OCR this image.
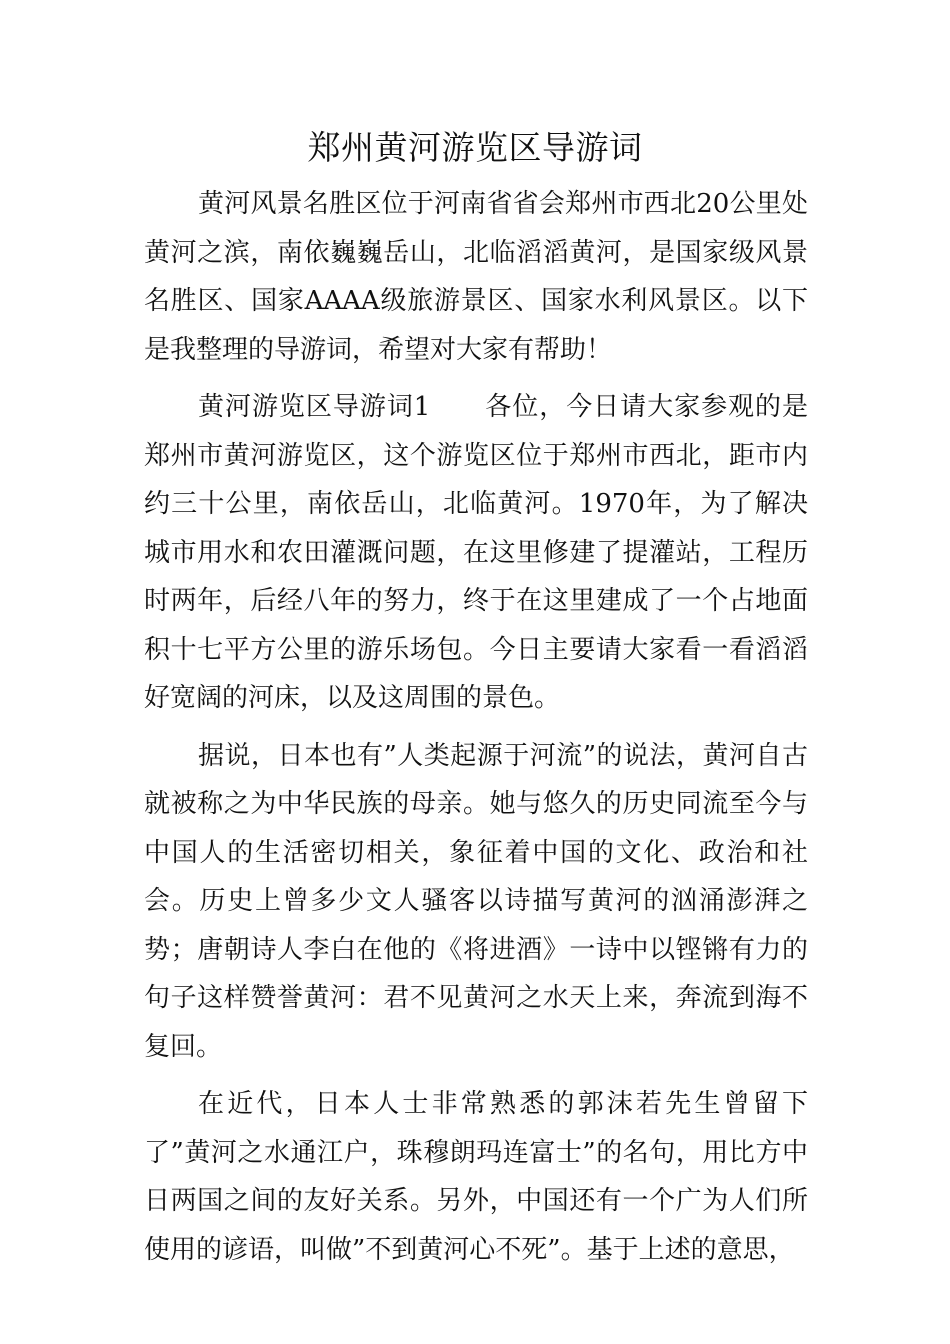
郑州黄河游览区导游词

黄河风景名胜区位于河南省省会郑州市西北20公里处黄河之滨，南依巍巍岳山，北临滔滔黄河，是国家级风景名胜区、国家AAAA级旅游景区、国家水利风景区。以下是我整理的导游词，希望对大家有帮助！

黄河游览区导游词1　　各位，今日请大家参观的是郑州市黄河游览区，这个游览区位于郑州市西北，距市内约三十公里，南依岳山，北临黄河。1970年，为了解决城市用水和农田灌溉问题，在这里修建了提灌站，工程历时两年，后经八年的努力，终于在这里建成了一个占地面积十七平方公里的游乐场包。今日主要请大家看一看滔滔好宽阔的河床，以及这周围的景色。

据说，日本也有”人类起源于河流”的说法，黄河自古就被称之为中华民族的母亲。她与悠久的历史同流至今与中国人的生活密切相关，象征着中国的文化、政治和社会。历史上曾多少文人骚客以诗描写黄河的汹涌澎湃之势；唐朝诗人李白在他的《将进酒》一诗中以铿锵有力的句子这样赞誉黄河：君不见黄河之水天上来，奔流到海不复回。

在近代，日本人士非常熟悉的郭沫若先生曾留下了”黄河之水通江户，珠穆朗玛连富士”的名句，用比方中日两国之间的友好关系。另外，中国还有一个广为人们所使用的谚语，叫做”不到黄河心不死”。基于上述的意思，
